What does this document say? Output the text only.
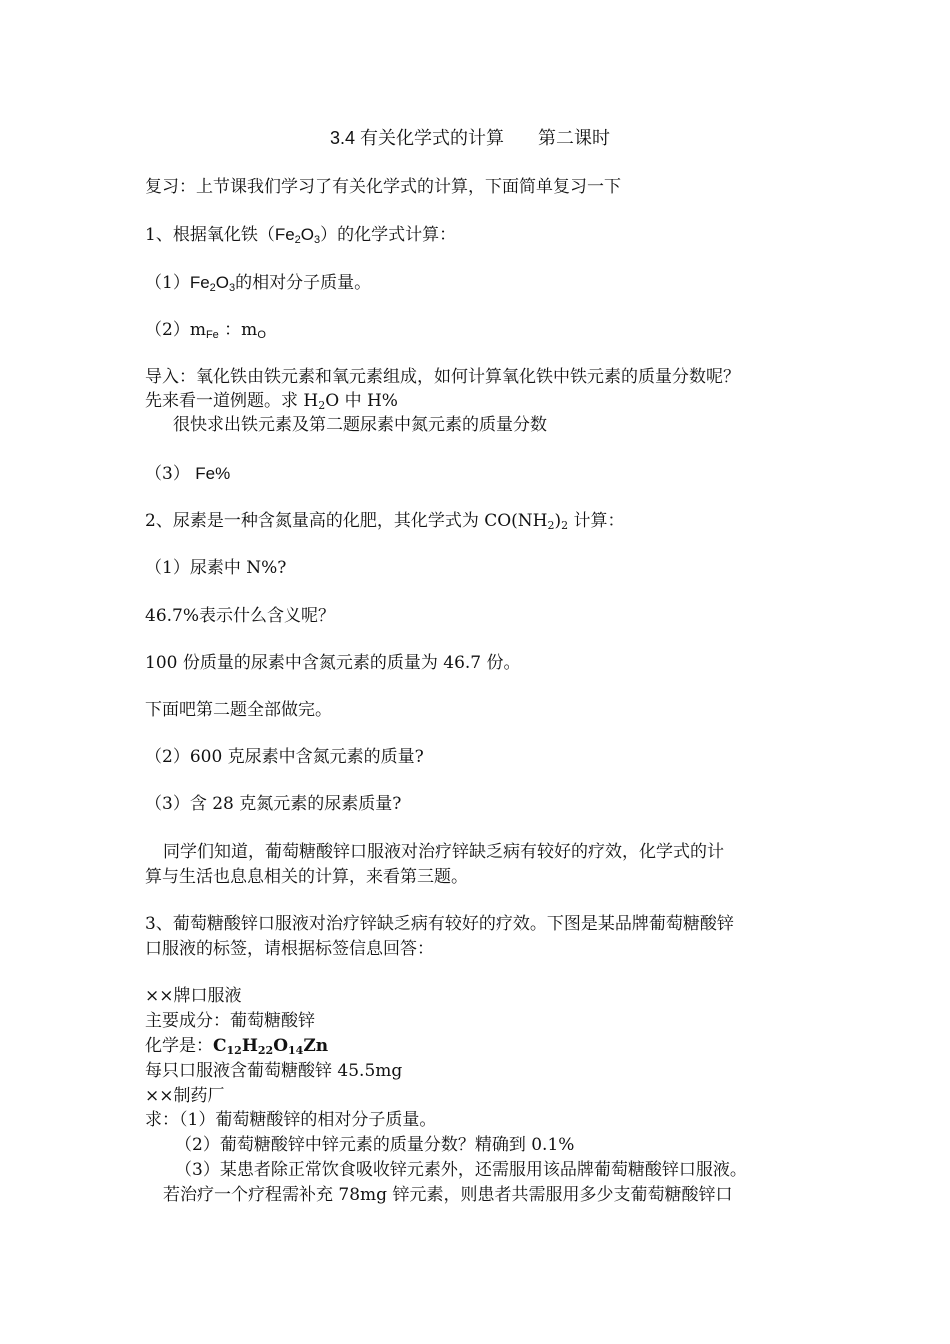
3.4 有关化学式的计算 第二课时
复习：上节课我们学习了有关化学式的计算，下面简单复习一下
1、根据氧化铁$(Fe_2O_3)$的化学式计算：
$(1)Fe_2O_3$的相对分子质量。
$(2)m_{Fe}$ ：$m_O$
导入：氧化铁由铁元素和氧元素组成，如何计算氧化铁中铁元素的质量分数呢？
先来看一道例题。求 $H_2O$ 中 H%
很快求出铁元素及第二题尿素中氮元素的质量分数
（3） Fe%
2、尿素是一种含氮量高的化肥，其化学式为 $CO(NH_2)_2$ 计算：
（1）尿素中 N%?
46.7%表示什么含义呢？
100 份质量的尿素中含氮元素的质量为 46.7 份。
下面吧第二题全部做完。
（2）600 克尿素中含氮元素的质量?
（3）含 28 克氮元素的尿素质量?
同学们知道，葡萄糖酸锌口服液对治疗锌缺乏病有较好的疗效，化学式的计
算与生活也息息相关的计算，来看第三题。
3、葡萄糖酸锌口服液对治疗锌缺乏病有较好的疗效。下图是某品牌葡萄糖酸锌
口服液的标签，请根据标签信息回答：
××牌口服液
主要成分：葡萄糖酸锌
化学是：$C_{12}H_{22}O_{14}Zn$
每只口服液含葡萄糖酸锌 45.5mg
××制药厂
求：（1）葡萄糖酸锌的相对分子质量。
（2）葡萄糖酸锌中锌元素的质量分数？精确到 0.1%
（3）某患者除正常饮食吸收锌元素外，还需服用该品牌葡萄糖酸锌口服液。
若治疗一个疗程需补充 78mg 锌元素，则患者共需服用多少支葡萄糖酸锌口
